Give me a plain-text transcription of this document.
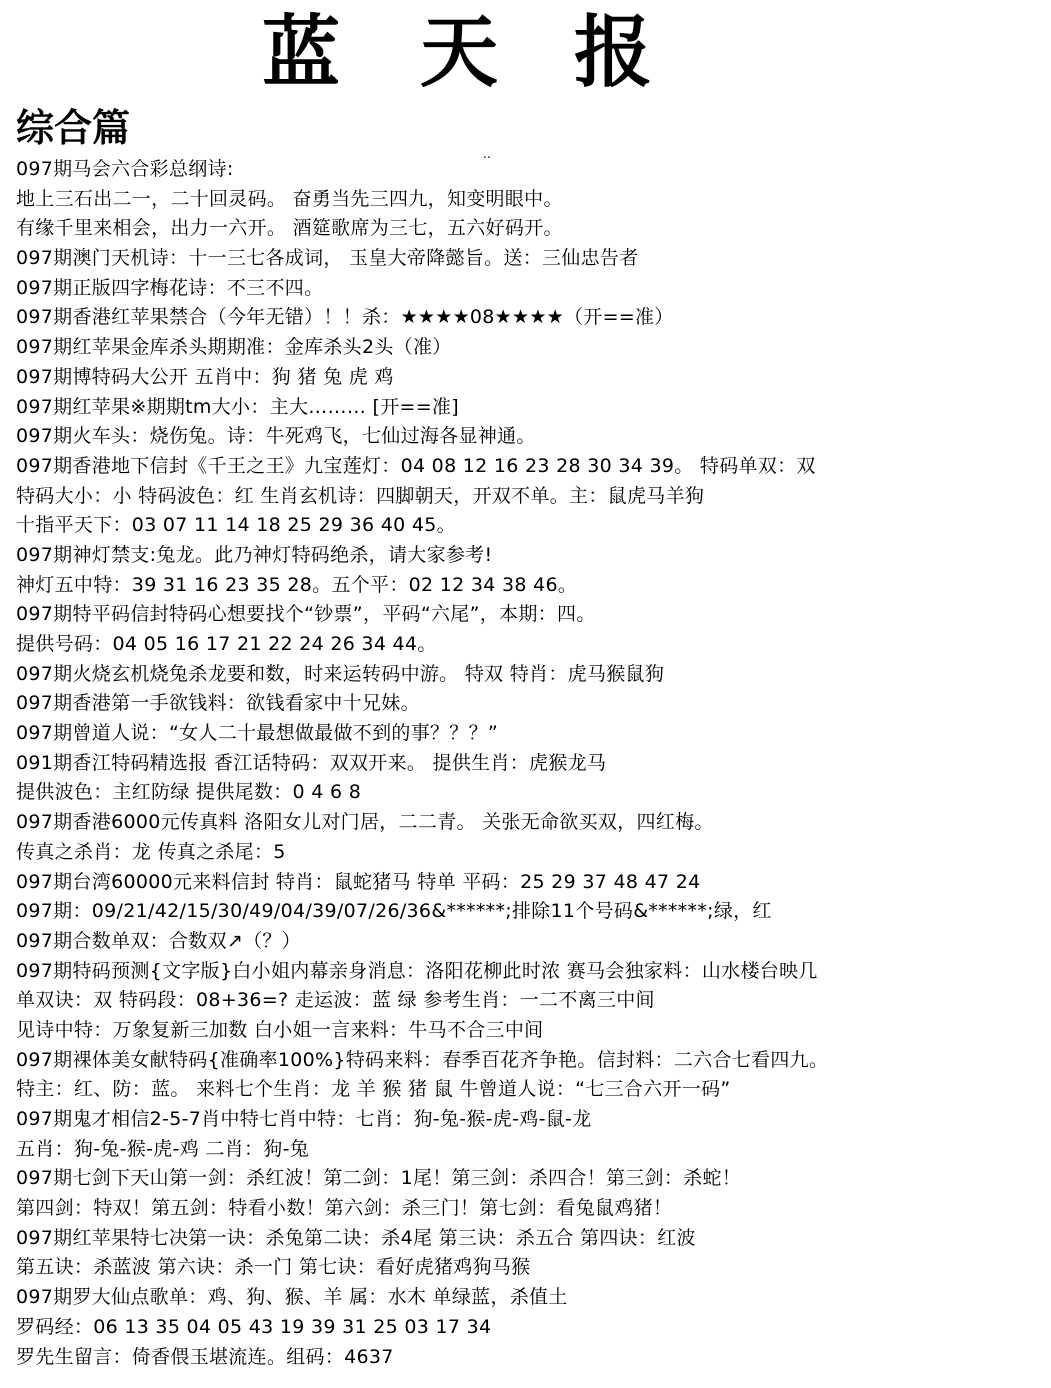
蓝 天 报
综合篇
..
097期马会六合彩总纲诗:
地上三石出二一，二十回灵码。 奋勇当先三四九，知变明眼中。
有缘千里来相会，出力一六开。 酒筵歌席为三七，五六好码开。
097期澳门天机诗：十一三七各成词， 玉皇大帝降懿旨。送：三仙忠告者
097期正版四字梅花诗：不三不四。
097期香港红苹果禁合（今年无错）！！杀：★★★★08★★★★（开==准）
097期红苹果金库杀头期期准：金库杀头2头（准）
097期博特码大公开 五肖中：狗 猪 兔 虎 鸡
097期红苹果※期期tm大小：主大……… [开==准]
097期火车头：烧伤兔。诗：牛死鸡飞，七仙过海各显神通。
097期香港地下信封《千王之王》九宝莲灯：04 08 12 16 23 28 30 34 39。 特码单双：双
特码大小：小 特码波色：红 生肖玄机诗：四脚朝天，开双不单。主：鼠虎马羊狗
十指平天下：03 07 11 14 18 25 29 36 40 45。
097期神灯禁支:兔龙。此乃神灯特码绝杀，请大家参考!
神灯五中特：39 31 16 23 35 28。五个平：02 12 34 38 46。
097期特平码信封特码心想要找个“钞票”，平码“六尾”，本期：四。
提供号码：04 05 16 17 21 22 24 26 34 44。
097期火烧玄机烧兔杀龙要和数，时来运转码中游。 特双 特肖：虎马猴鼠狗
097期香港第一手欲钱料：欲钱看家中十兄妹。
097期曾道人说：“女人二十最想做最做不到的事？？？”
091期香江特码精选报 香江话特码：双双开来。 提供生肖：虎猴龙马
提供波色：主红防绿 提供尾数：0 4 6 8
097期香港6000元传真料 洛阳女儿对门居，二二青。 关张无命欲买双，四红梅。
传真之杀肖：龙 传真之杀尾：5
097期台湾60000元来料信封 特肖：鼠蛇猪马 特单 平码：25 29 37 48 47 24
097期：09/21/42/15/30/49/04/39/07/26/36&******;排除11个号码&******;绿，红
097期合数单双：合数双↗（？）
097期特码预测{文字版}白小姐内幕亲身消息：洛阳花柳此时浓 赛马会独家料：山水楼台映几
单双诀：双 特码段：08+36=? 走运波：蓝 绿 参考生肖：一二不离三中间
见诗中特：万象复新三加数 白小姐一言来料：牛马不合三中间
097期裸体美女献特码{准确率100%}特码来料：春季百花齐争艳。信封料：二六合七看四九。
特主：红、防：蓝。 来料七个生肖：龙 羊 猴 猪 鼠 牛曾道人说：“七三合六开一码”
097期鬼才相信2-5-7肖中特七肖中特：七肖：狗-兔-猴-虎-鸡-鼠-龙
五肖：狗-兔-猴-虎-鸡 二肖：狗-兔
097期七剑下天山第一剑：杀红波！第二剑：1尾！第三剑：杀四合！第三剑：杀蛇！
第四剑：特双！第五剑：特看小数！第六剑：杀三门！第七剑：看兔鼠鸡猪！
097期红苹果特七决第一诀：杀兔第二诀：杀4尾 第三诀：杀五合 第四诀：红波
第五诀：杀蓝波 第六诀：杀一门 第七诀：看好虎猪鸡狗马猴
097期罗大仙点歌单：鸡、狗、猴、羊 属：水木 单绿蓝，杀值土
罗码经：06 13 35 04 05 43 19 39 31 25 03 17 34
罗先生留言：倚香偎玉堪流连。组码：4637
